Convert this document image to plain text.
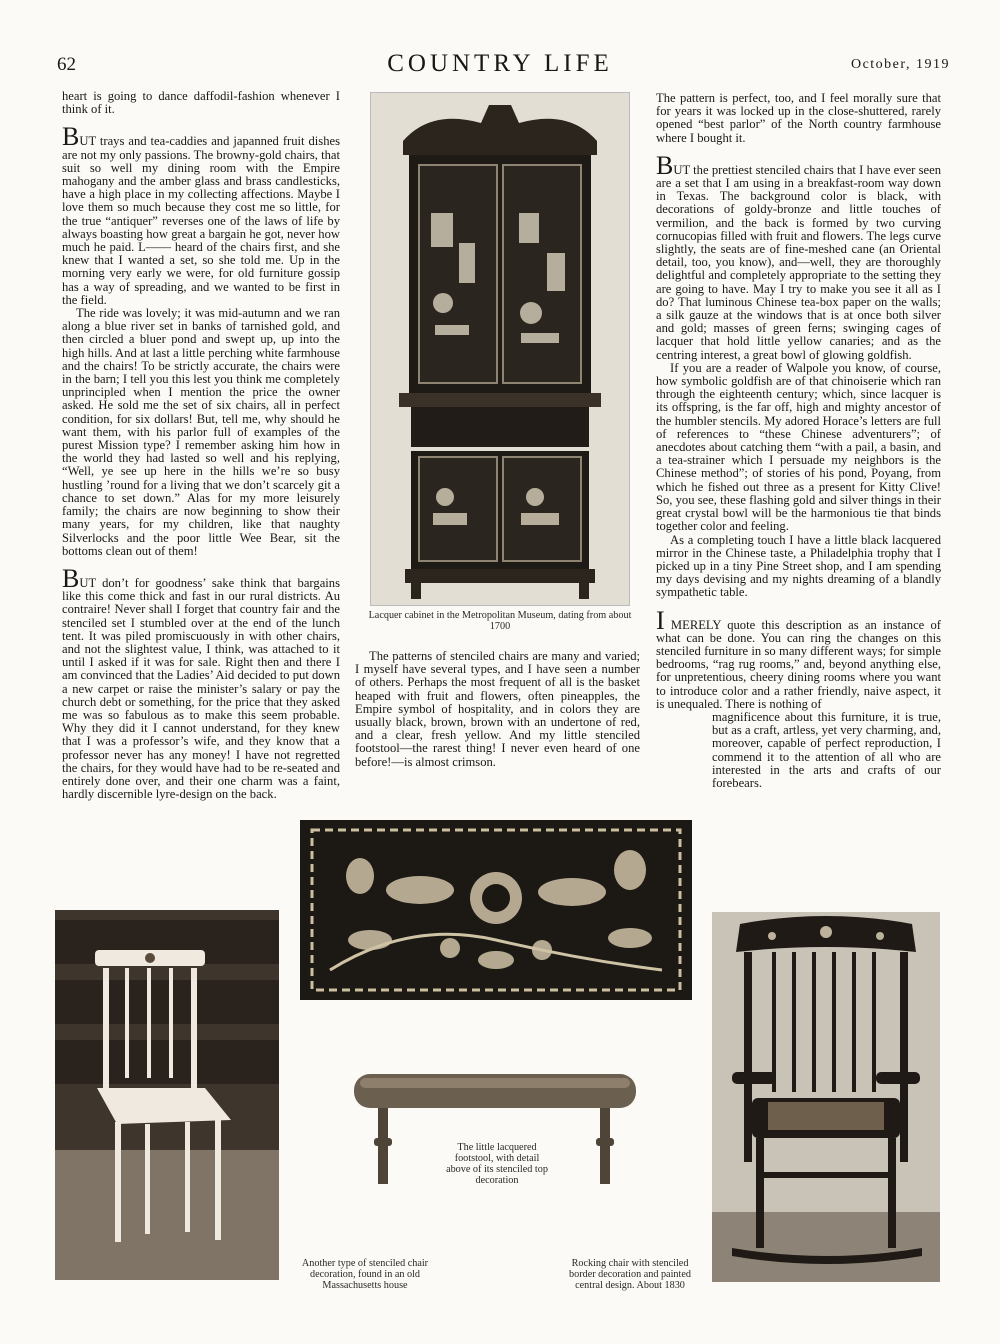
62	COUNTRY LIFE	October, 1919

heart is going to dance daffodil-fashion whenever I think of it.

BUT trays and tea-caddies and japanned fruit dishes are not my only passions. The browny-gold chairs, that suit so well my dining room with the Empire mahogany and the amber glass and brass candlesticks, have a high place in my collecting affections. Maybe I love them so much because they cost me so little, for the true “antiquer” reverses one of the laws of life by always boasting how great a bargain he got, never how much he paid. L—— heard of the chairs first, and she knew that I wanted a set, so she told me. Up in the morning very early we were, for old furniture gossip has a way of spreading, and we wanted to be first in the field.

The ride was lovely; it was mid-autumn and we ran along a blue river set in banks of tarnished gold, and then circled a bluer pond and swept up, up into the high hills. And at last a little perching white farmhouse and the chairs! To be strictly accurate, the chairs were in the barn; I tell you this lest you think me completely unprincipled when I mention the price the owner asked. He sold me the set of six chairs, all in perfect condition, for six dollars! But, tell me, why should he want them, with his parlor full of examples of the purest Mission type? I remember asking him how in the world they had lasted so well and his replying, “Well, ye see up here in the hills we’re so busy hustling ’round for a living that we don’t scarcely git a chance to set down.” Alas for my more leisurely family; the chairs are now beginning to show their many years, for my children, like that naughty Silverlocks and the poor little Wee Bear, sit the bottoms clean out of them!

BUT don’t for goodness’ sake think that bargains like this come thick and fast in our rural districts. Au contraire! Never shall I forget that country fair and the stenciled set I stumbled over at the end of the lunch tent. It was piled promiscuously in with other chairs, and not the slightest value, I think, was attached to it until I asked if it was for sale. Right then and there I am convinced that the Ladies’ Aid decided to put down a new carpet or raise the minister’s salary or pay the church debt or something, for the price that they asked me was so fabulous as to make this seem probable. Why they did it I cannot understand, for they knew that I was a professor’s wife, and they know that a professor never has any money! I have not regretted the chairs, for they would have had to be re-seated and entirely done over, and their one charm was a faint, hardly discernible lyre-design on the back.

Lacquer cabinet in the Metropolitan Museum, dating from about 1700

The patterns of stenciled chairs are many and varied; I myself have several types, and I have seen a number of others. Perhaps the most frequent of all is the basket heaped with fruit and flowers, often pineapples, the Empire symbol of hospitality, and in colors they are usually black, brown, brown with an undertone of red, and a clear, fresh yellow. And my little stenciled footstool—the rarest thing! I never even heard of one before!—is almost crimson.

The pattern is perfect, too, and I feel morally sure that for years it was locked up in the close-shuttered, rarely opened “best parlor” of the North country farmhouse where I bought it.

BUT the prettiest stenciled chairs that I have ever seen are a set that I am using in a breakfast-room way down in Texas. The background color is black, with decorations of goldy-bronze and little touches of vermilion, and the back is formed by two curving cornucopias filled with fruit and flowers. The legs curve slightly, the seats are of fine-meshed cane (an Oriental detail, too, you know), and—well, they are thoroughly delightful and completely appropriate to the setting they are going to have. May I try to make you see it all as I do? That luminous Chinese tea-box paper on the walls; a silk gauze at the windows that is at once both silver and gold; masses of green ferns; swinging cages of lacquer that hold little yellow canaries; and as the centring interest, a great bowl of glowing goldfish.

If you are a reader of Walpole you know, of course, how symbolic goldfish are of that chinoiserie which ran through the eighteenth century; which, since lacquer is its offspring, is the far off, high and mighty ancestor of the humbler stencils. My adored Horace’s letters are full of references to “these Chinese adventurers”; of anecdotes about catching them “with a pail, a basin, and a tea-strainer which I persuade my neighbors is the Chinese method”; of stories of his pond, Poyang, from which he fished out three as a present for Kitty Clive! So, you see, these flashing gold and silver things in their great crystal bowl will be the harmonious tie that binds together color and feeling.

As a completing touch I have a little black lacquered mirror in the Chinese taste, a Philadelphia trophy that I picked up in a tiny Pine Street shop, and I am spending my days devising and my nights dreaming of a blandly sympathetic table.

I MERELY quote this description as an instance of what can be done. You can ring the changes on this stenciled furniture in so many different ways; for simple bedrooms, “rag rug rooms,” and, beyond anything else, for unpretentious, cheery dining rooms where you want to introduce color and a rather friendly, naive aspect, it is unequaled. There is nothing of

magnificence about this furniture, it is true, but as a craft, artless, yet very charming, and, moreover, capable of perfect reproduction, I commend it to the attention of all who are interested in the arts and crafts of our forebears.

Another type of stenciled chair decoration, found in an old Massachusetts house
The little lacquered footstool, with detail above of its stenciled top decoration
Rocking chair with stenciled border decoration and painted central design. About 1830
